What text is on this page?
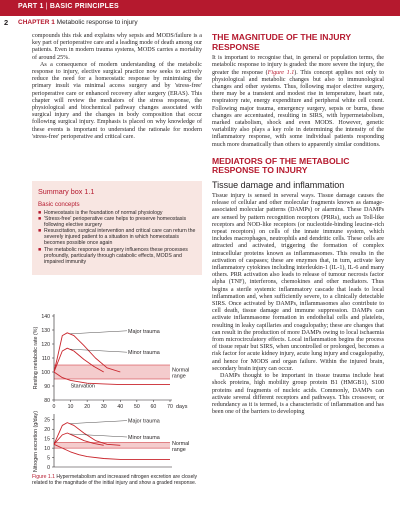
PART 1 | BASIC PRINCIPLES
2 CHAPTER 1 Metabolic response to injury

compounds this risk and explains why sepsis and MODS/failure is a key part of perioperative care and a leading mode of death among our patients. Even in modern trauma systems, MODS carries a mortality of around 25%.

As a consequence of modern understanding of the metabolic response to injury, elective surgical practice now seeks to actively reduce the need for a homeostatic response by minimising the primary insult via minimal access surgery and by 'stress-free' perioperative care or enhanced recovery after surgery (ERAS). This chapter will review the mediators of the stress response, the physiological and biochemical pathway changes associated with surgical injury and the changes in body composition that occur following surgical injury. Emphasis is placed on why knowledge of these events is important to understand the rationale for modern 'stress-free' perioperative and critical care.

Summary box 1.1
Basic concepts
■ Homeostasis is the foundation of normal physiology
■ 'Stress-free' perioperative care helps to preserve homeostasis following elective surgery
■ Resuscitation, surgical intervention and critical care can return the severely injured patient to a situation in which homeostasis becomes possible once again
■ The metabolic response to surgery influences these processes profoundly, particularly through catabolic effects, MODS and impaired immunity
Normal
range
80
90
100
110
120
130
140
0 10 20 30 40 50 60 70 days
Resting metabolic rate (%)	Major trauma
Minor trauma
Starvation
Normal
range
0
5
10
15
20
25
Nitrogen excretion (g/day)	Major trauma
Minor trauma
Figure 1.1 Hypermetabolism and increased nitrogen excretion are closely related to the magnitude of the initial injury and show a graded response.
THE MAGNITUDE OF THE INJURY RESPONSE

It is important to recognise that, in general or population terms, the metabolic response to injury is graded: the more severe the injury, the greater the response (Figure 1.1). This concept applies not only to physiological and metabolic changes but also to immunological changes and other systems. Thus, following major elective surgery, there may be a transient and modest rise in temperature, heart rate, respiratory rate, energy expenditure and peripheral white cell count. Following major trauma, emergency surgery, sepsis or burns, these changes are accentuated, resulting in SIRS, with hypermetabolism, marked catabolism, shock and even MODS. However, genetic variability also plays a key role in determining the intensity of the inflammatory response, with some individual patients responding much more dramatically than others to apparently similar conditions.

MEDIATORS OF THE METABOLIC RESPONSE TO INJURY
Tissue damage and inflammation

Tissue injury is sensed in several ways. Tissue damage causes the release of cellular and other molecular fragments known as damage-associated molecular patterns (DAMPs) or alarmins. These DAMPs are sensed by pattern recognition receptors (PRRs), such as Toll-like receptors and NOD-like receptors (or nucleotide-binding leucine-rich repeat receptors) on cells of the innate immune system, which includes macrophages, neutrophils and dendritic cells. These cells are attracted and activated, triggering the formation of complex intracellular proteins known as inflammasomes. This results in the activation of caspases; these are enzymes that, in turn, activate key inflammatory cytokines including interleukin-1 (IL-1), IL-6 and many others. PRR activation also leads to release of tumour necrosis factor alpha (TNF), interferons, chemokines and other mediators. Thus begins a sterile systemic inflammatory cascade that leads to local inflammation and, when sufficiently severe, to a clinically detectable SIRS. Once activated by DAMPs, inflammasomes also contribute to cell death, tissue damage and immune suppression. DAMPs can activate inflammasome formation in endothelial cells and platelets, resulting in leaky capillaries and coagulopathy; these are changes that can result in the production of more DAMPs owing to local ischaemia from microcirculatory effects. Local inflammation begins the process of tissue repair but SIRS, when uncontrolled or prolonged, becomes a risk factor for acute kidney injury, acute lung injury and coagulopathy, and hence for MODS and organ failure. Within the injured brain, secondary brain injury can occur.

DAMPs thought to be important in tissue trauma include heat shock proteins, high mobility group protein B1 (HMGB1), S100 proteins and fragments of nucleic acids. Commonly, DAMPs can activate several different receptors and pathways. This crossover, or redundancy as it is termed, is a characteristic of inflammation and has been one of the barriers to developing
